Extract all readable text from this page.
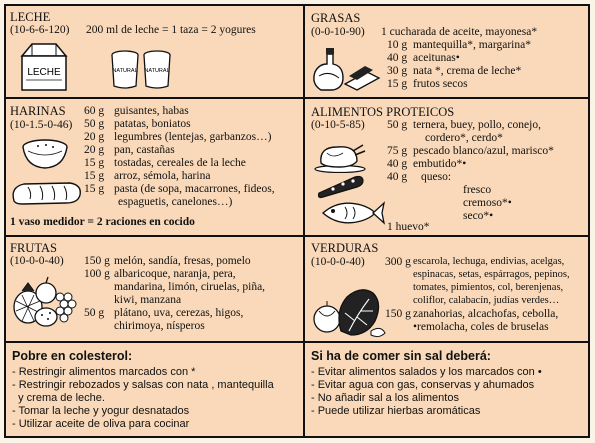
LECHE
(10-6-6-120) 200 ml de leche = 1 taza = 2 yogures
LECHE	NATURAL NATURAL
GRASAS
(0-0-10-90) 1 cucharada de aceite, mayonesa*
10 g mantequilla*, margarina*
40 g aceitunas•
30 g nata *, crema de leche*
15 g frutos secos
HARINAS
(10-1.5-0-46)
60 g guisantes, habas
50 g patatas, boniatos
20 g legumbres (lentejas, garbanzos…)
20 g pan, castañas
15 g tostadas, cereales de la leche
15 g arroz, sémola, harina
15 g pasta (de sopa, macarrones, fideos,
espaguetis, canelones…)
1 vaso medidor = 2 raciones en cocido
ALIMENTOS PROTEICOS
(0-10-5-85) 50 g ternera, buey, pollo, conejo,
cordero*, cerdo*
75 g pescado blanco/azul, marisco*
40 g embutido*•
40 g queso:
fresco
cremoso*•
seco*•
1 huevo*
FRUTAS
(10-0-0-40) 150 g melón, sandía, fresas, pomelo
100 g albaricoque, naranja, pera,
mandarina, limón, ciruelas, piña,
kiwi, manzana
50 g plátano, uva, cerezas, higos,
chirimoya, nísperos
VERDURAS
(10-0-0-40) 300 g escarola, lechuga, endivias, acelgas,
espinacas, setas, espárragos, pepinos,
tomates, pimientos, col, berenjenas,
coliflor, calabacín, judías verdes…
150 g zanahorias, alcachofas, cebolla,
•remolacha, coles de bruselas
Pobre en colesterol:
- Restringir alimentos marcados con *
- Restringir rebozados y salsas con nata , mantequilla
y crema de leche.
- Tomar la leche y yogur desnatados
- Utilizar aceite de oliva para cocinar
Si ha de comer sin sal deberá:
- Evitar alimentos salados y los marcados con •
- Evitar agua con gas, conservas y ahumados
- No añadir sal a los alimentos
- Puede utilizar hierbas aromáticas
